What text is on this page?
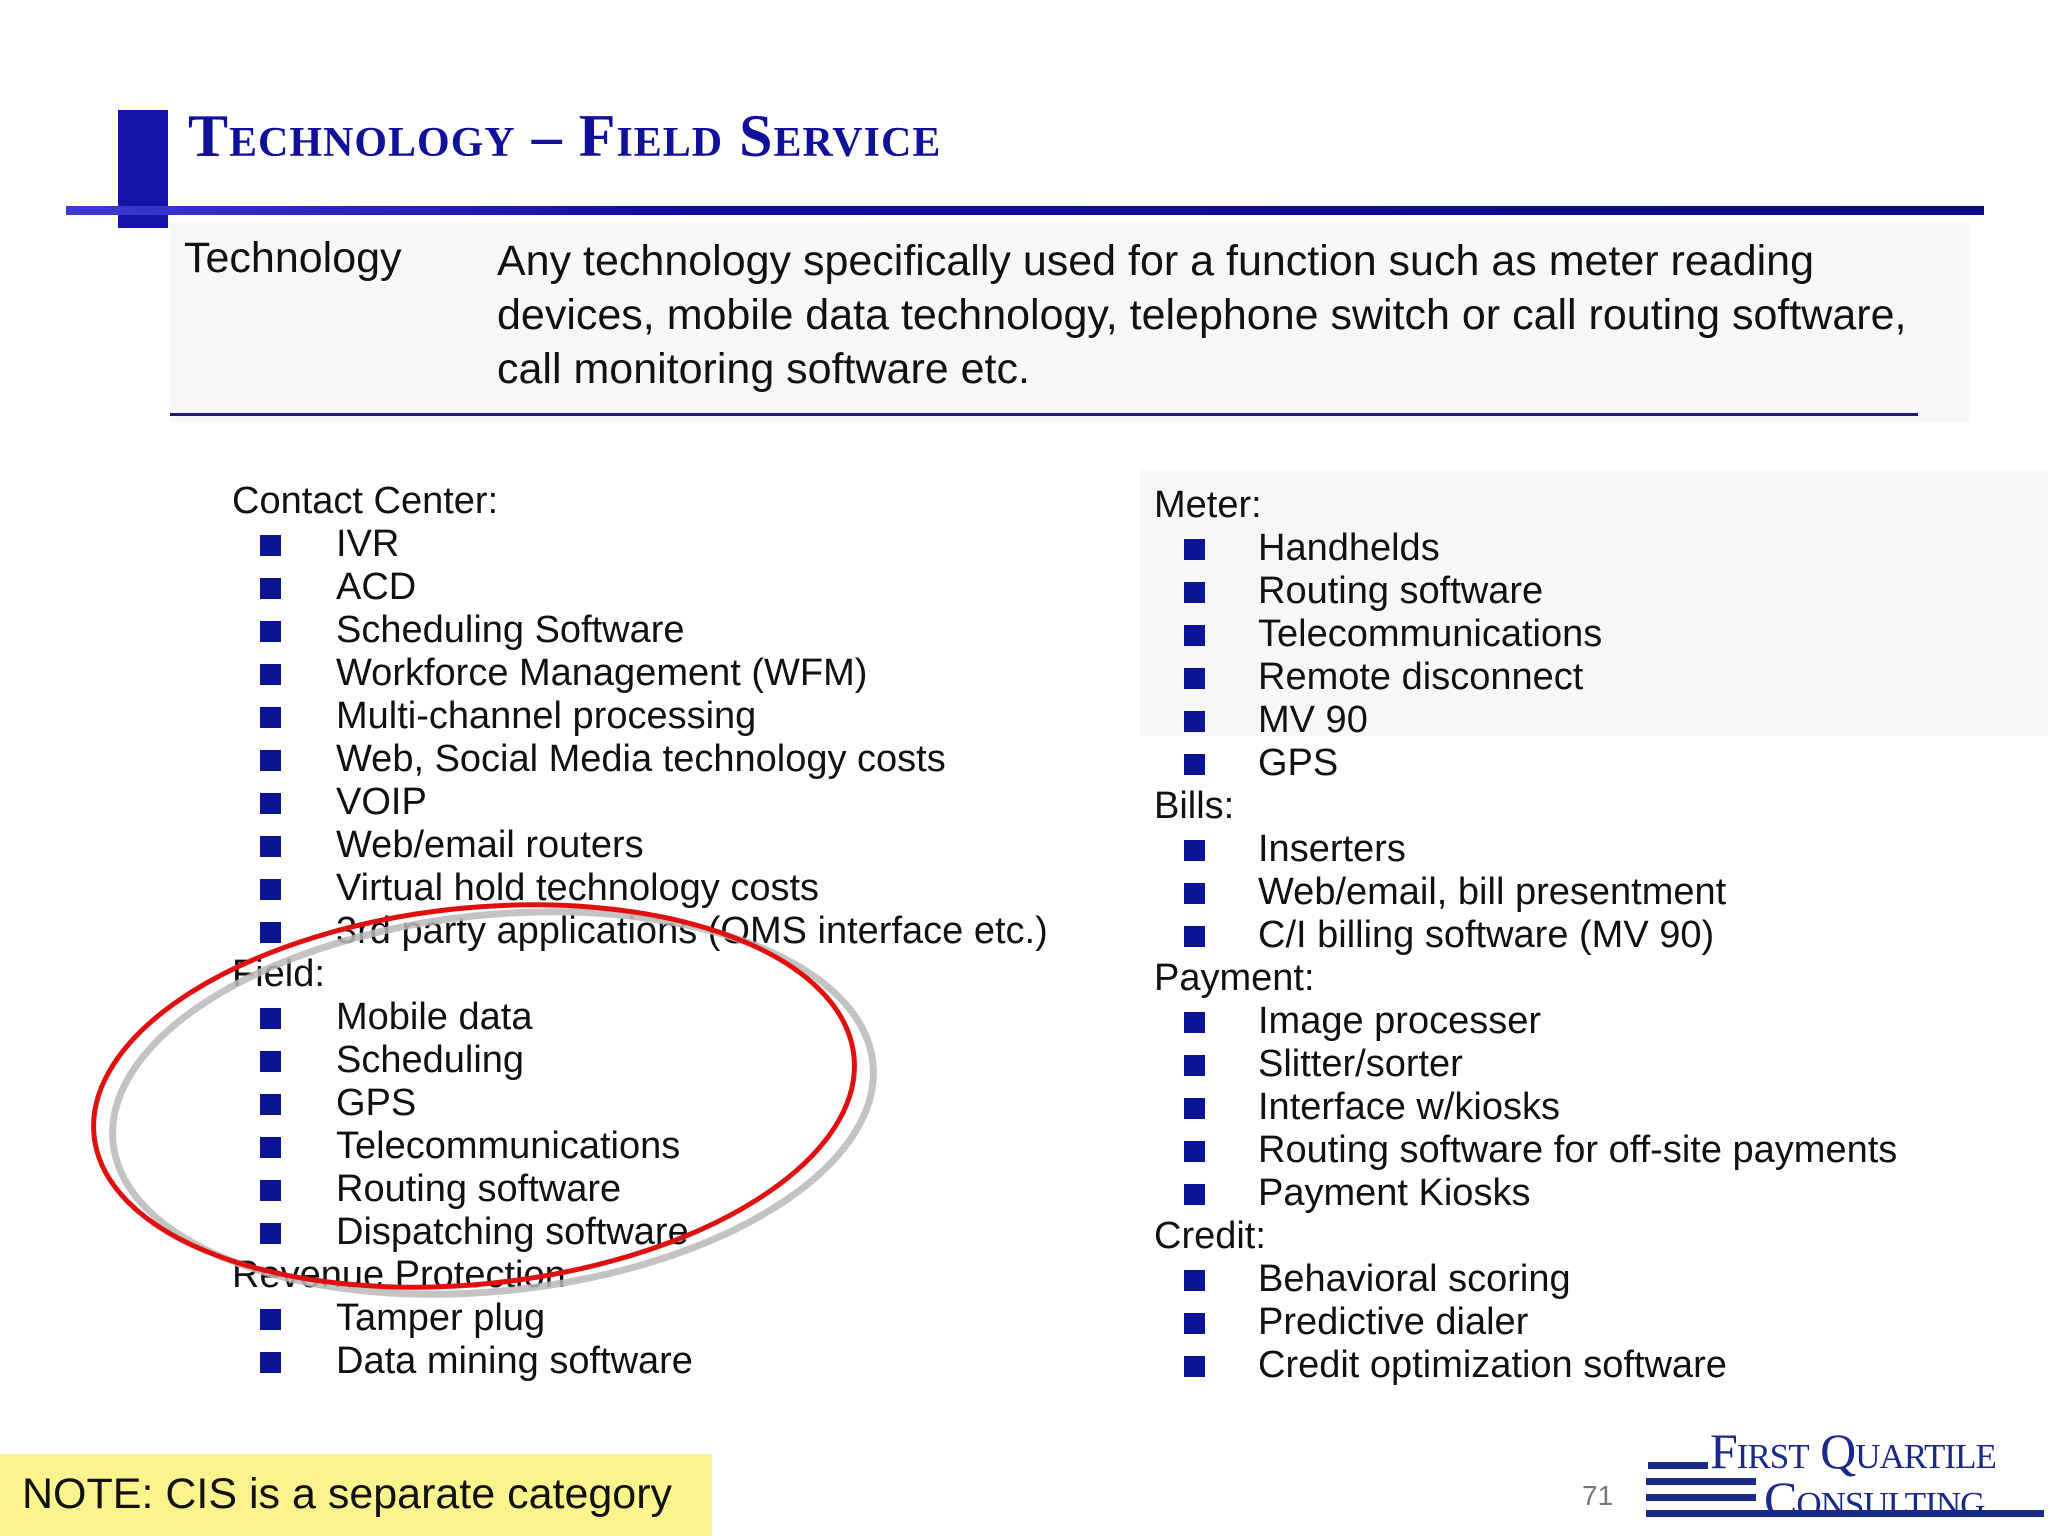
Technology – Field Service
Technology Any technology specifically used for a function such as meter reading devices, mobile data technology, telephone switch or call routing software, call monitoring software etc.
Contact Center:
IVR
ACD
Scheduling Software
Workforce Management (WFM)
Multi-channel processing
Web, Social Media technology costs
VOIP
Web/email routers
Virtual hold technology costs
3rd party applications (OMS interface etc.)
Field:
Mobile data
Scheduling
GPS
Telecommunications
Routing software
Dispatching software
Revenue Protection
Tamper plug
Data mining software
Meter:
Handhelds
Routing software
Telecommunications
Remote disconnect
MV 90
GPS
Bills:
Inserters
Web/email, bill presentment
C/I billing software (MV 90)
Payment:
Image processer
Slitter/sorter
Interface w/kiosks
Routing software for off-site payments
Payment Kiosks
Credit:
Behavioral scoring
Predictive dialer
Credit optimization software
NOTE: CIS is a separate category	71
First Quartile
Consulting
